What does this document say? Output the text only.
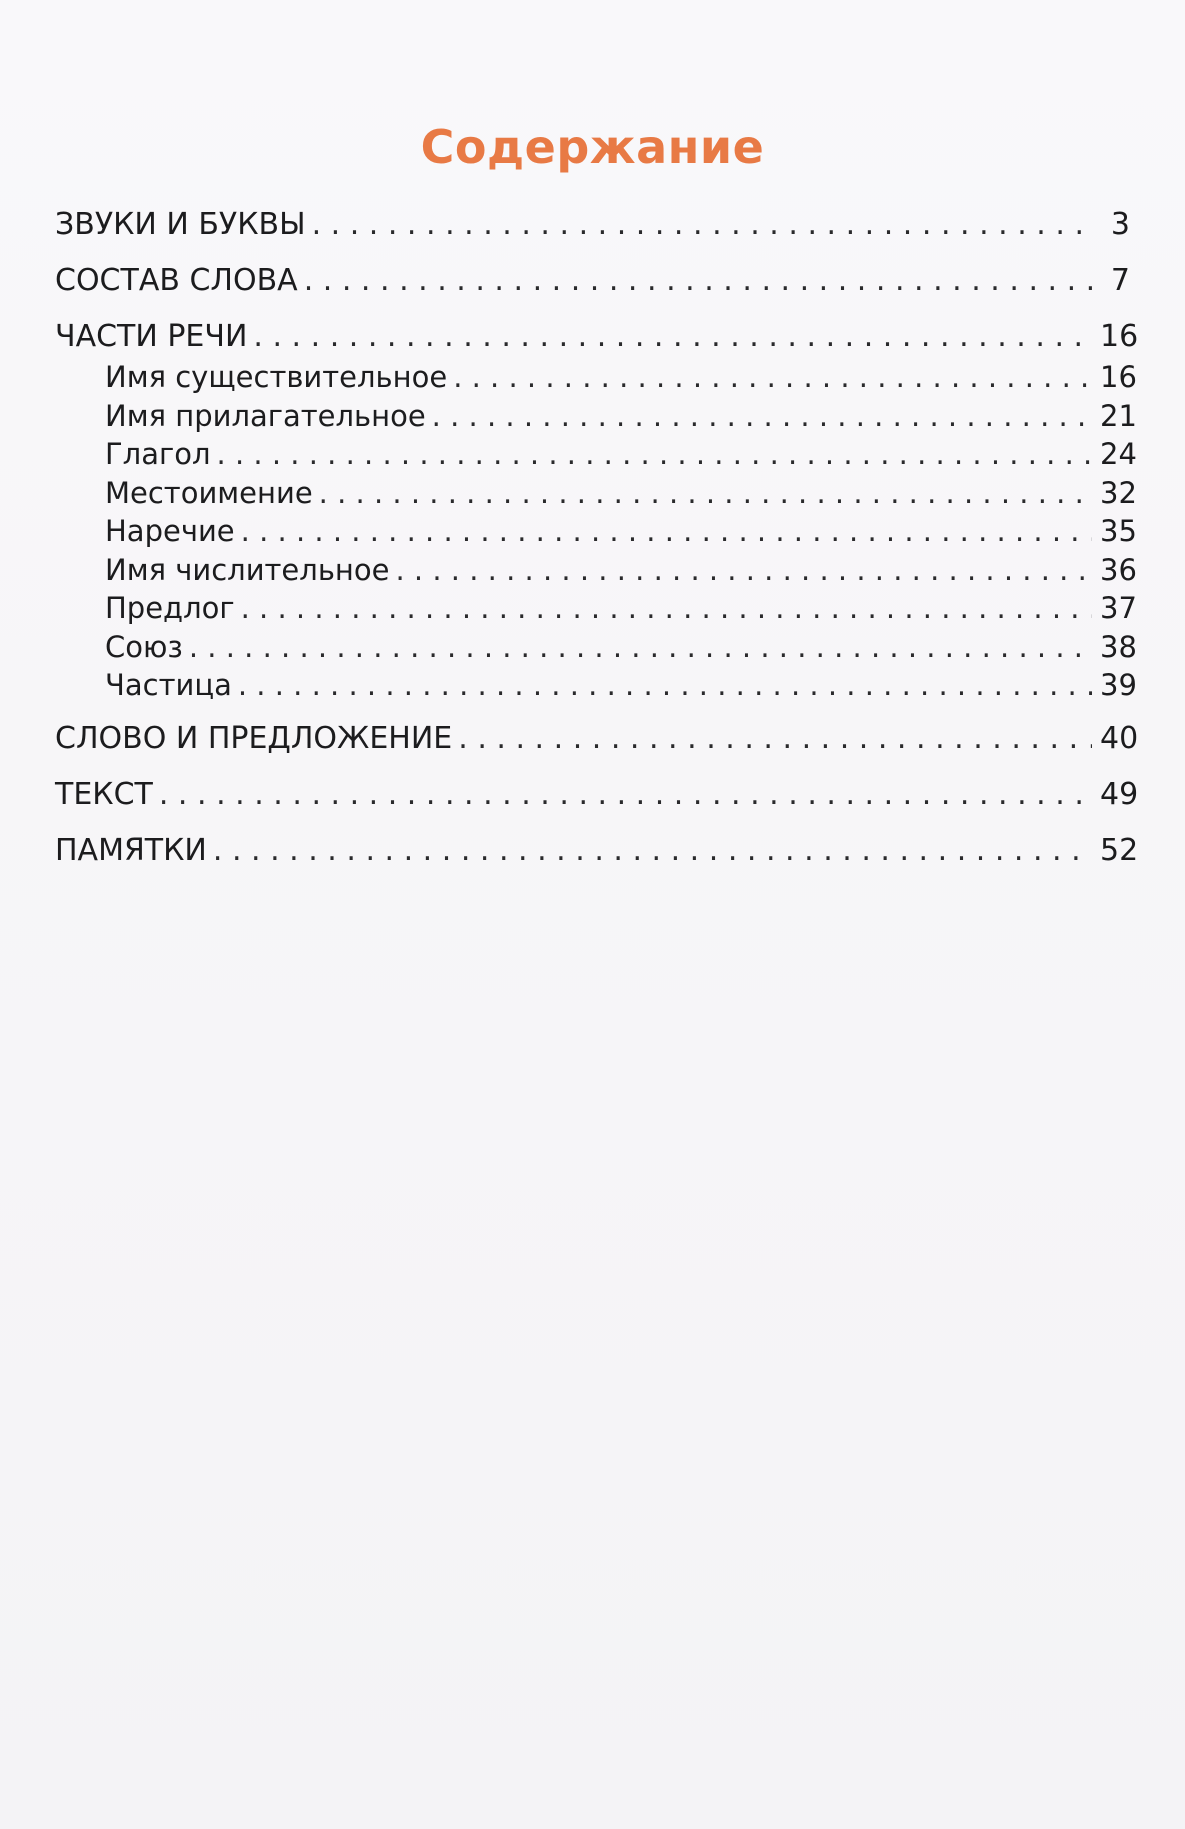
Содержание
ЗВУКИ И БУКВЫ . . .	3
СОСТАВ СЛОВА . . .	7
ЧАСТИ РЕЧИ . . .	16
Имя существительное . . .	16
Имя прилагательное . . .	21
Глагол . . .	24
Местоимение . . .	32
Наречие . . .	35
Имя числительное . . .	36
Предлог . . .	37
Союз . . .	38
Частица . . .	39
СЛОВО И ПРЕДЛОЖЕНИЕ . . .	40
ТЕКСТ . . .	49
ПАМЯТКИ . . .	52
